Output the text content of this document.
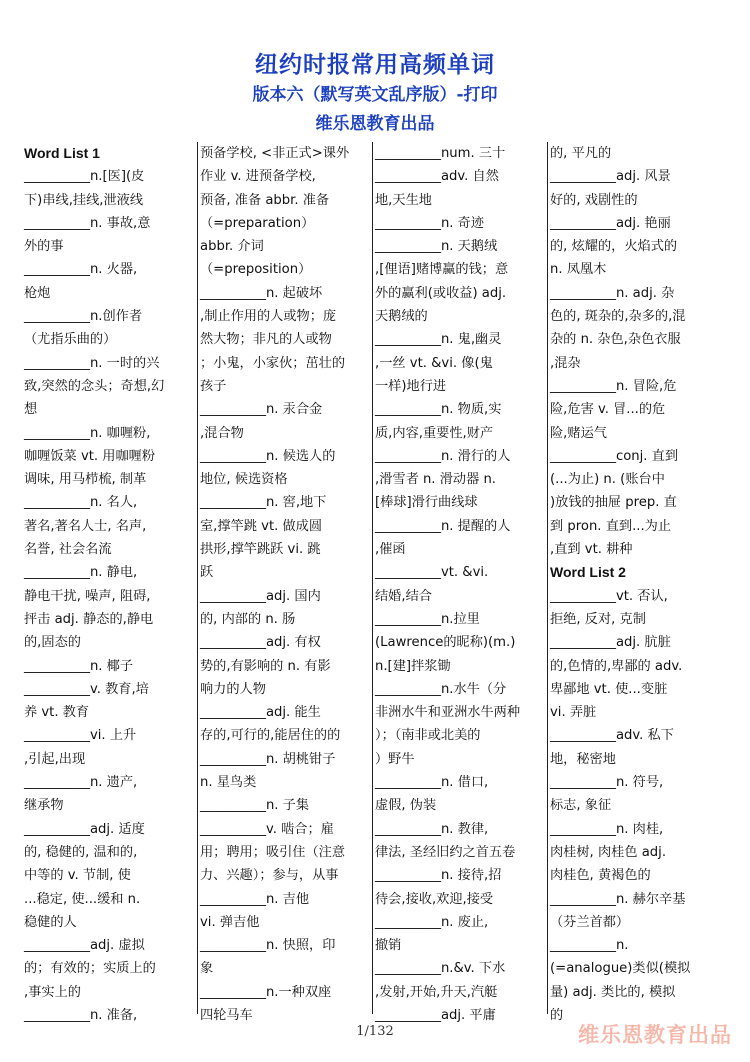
纽约时报常用高频单词
版本六（默写英文乱序版）-打印
维乐恩教育出品
Word List 1
__________n.[医](皮
下)串线,挂线,泄液线
__________n. 事故,意
外的事
__________n. 火器,
枪炮
__________n.创作者
（尤指乐曲的）
__________n. 一时的兴
致,突然的念头；奇想,幻
想
__________n. 咖喱粉,
咖喱饭菜 vt. 用咖喱粉
调味, 用马栉梳, 制革
__________n. 名人,
著名,著名人士, 名声,
名誉, 社会名流
__________n. 静电,
静电干扰, 噪声, 阻碍,
抨击 adj. 静态的,静电
的,固态的
__________n. 椰子
__________v. 教育,培
养 vt. 教育
__________vi. 上升
,引起,出现
__________n. 遗产,
继承物
__________adj. 适度
的, 稳健的, 温和的,
中等的 v. 节制, 使
...稳定, 使...缓和 n.
稳健的人
__________adj. 虚拟
的；有效的；实质上的
,事实上的
__________n. 准备,
预备学校, <非正式>课外
作业 v. 进预备学校,
预备, 准备 abbr. 准备
（=preparation）
abbr. 介词
（=preposition）
__________n. 起破坏
,制止作用的人或物；庞
然大物；非凡的人或物
；小鬼，小家伙；茁壮的
孩子
__________n. 汞合金
,混合物
__________n. 候选人的
地位, 候选资格
__________n. 窖,地下
室,撑竿跳 vt. 做成圆
拱形,撑竿跳跃 vi. 跳
跃
__________adj. 国内
的, 内部的 n. 肠
__________adj. 有权
势的,有影响的 n. 有影
响力的人物
__________adj. 能生
存的,可行的,能居住的的
__________n. 胡桃钳子
n. 星鸟类
__________n. 子集
__________v. 啮合；雇
用；聘用；吸引住（注意
力、兴趣）；参与，从事
__________n. 吉他
vi. 弹吉他
__________n. 快照，印
象
__________n.一种双座
四轮马车
__________num. 三十
__________adv. 自然
地,天生地
__________n. 奇迹
__________n. 天鹅绒
,[俚语]赌博赢的钱；意
外的赢利(或收益) adj.
天鹅绒的
__________n. 鬼,幽灵
,一丝 vt. &vi. 像(鬼
一样)地行进
__________n. 物质,实
质,内容,重要性,财产
__________n. 滑行的人
,滑雪者 n. 滑动器 n.
[棒球]滑行曲线球
__________n. 提醒的人
,催函
__________vt. &vi.
结婚,结合
__________n.拉里
(Lawrence的昵称)(m.)
n.[建]拌浆锄
__________n.水牛（分
非洲水牛和亚洲水牛两种
）；（南非或北美的
）野牛
__________n. 借口,
虚假, 伪装
__________n. 教律,
律法, 圣经旧约之首五卷
__________n. 接待,招
待会,接收,欢迎,接受
__________n. 废止,
撤销
__________n.&v. 下水
,发射,开始,升天,汽艇
__________adj. 平庸
的, 平凡的
__________adj. 风景
好的, 戏剧性的
__________adj. 艳丽
的, 炫耀的，火焰式的
n. 凤凰木
__________n. adj. 杂
色的, 斑杂的,杂多的,混
杂的 n. 杂色,杂色衣服
,混杂
__________n. 冒险,危
险,危害 v. 冒...的危
险,赌运气
__________conj. 直到
(...为止) n. (账台中
)放钱的抽屉 prep. 直
到 pron. 直到...为止
,直到 vt. 耕种
Word List 2
__________vt. 否认,
拒绝, 反对, 克制
__________adj. 肮脏
的,色情的,卑鄙的 adv.
卑鄙地 vt. 使...变脏
vi. 弄脏
__________adv. 私下
地，秘密地
__________n. 符号,
标志, 象征
__________n. 肉桂,
肉桂树, 肉桂色 adj.
肉桂色, 黄褐色的
__________n. 赫尔辛基
（芬兰首都）
__________n.
(=analogue)类似(模拟
量) adj. 类比的, 模拟
的
1/132	维乐恩教育出品
